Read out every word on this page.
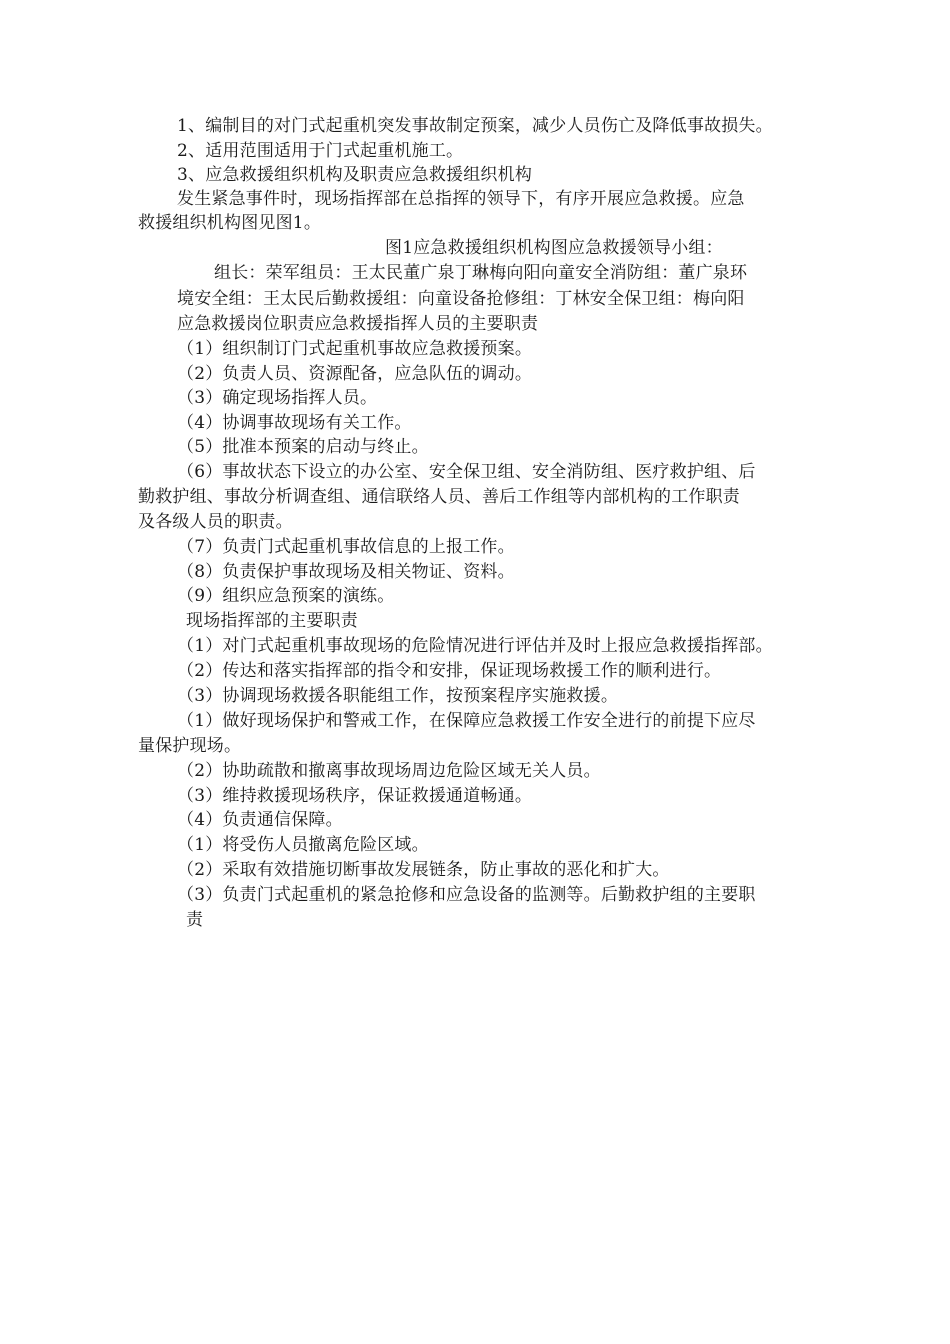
1、编制目的对门式起重机突发事故制定预案，减少人员伤亡及降低事故损失。
2、适用范围适用于门式起重机施工。
3、应急救援组织机构及职责应急救援组织机构
发生紧急事件时，现场指挥部在总指挥的领导下，有序开展应急救援。应急
救援组织机构图见图1。
图1应急救援组织机构图应急救援领导小组：
组长：荣军组员：王太民董广泉丁琳梅向阳向童安全消防组：董广泉环
境安全组：王太民后勤救援组：向童设备抢修组：丁林安全保卫组：梅向阳
应急救援岗位职责应急救援指挥人员的主要职责
（1）组织制订门式起重机事故应急救援预案。
（2）负责人员、资源配备，应急队伍的调动。
（3）确定现场指挥人员。
（4）协调事故现场有关工作。
（5）批准本预案的启动与终止。
（6）事故状态下设立的办公室、安全保卫组、安全消防组、医疗救护组、后
勤救护组、事故分析调查组、通信联络人员、善后工作组等内部机构的工作职责
及各级人员的职责。
（7）负责门式起重机事故信息的上报工作。
（8）负责保护事故现场及相关物证、资料。
（9）组织应急预案的演练。
现场指挥部的主要职责
（1）对门式起重机事故现场的危险情况进行评估并及时上报应急救援指挥部。
（2）传达和落实指挥部的指令和安排，保证现场救援工作的顺利进行。
（3）协调现场救援各职能组工作，按预案程序实施救援。
（1）做好现场保护和警戒工作，在保障应急救援工作安全进行的前提下应尽
量保护现场。
（2）协助疏散和撤离事故现场周边危险区域无关人员。
（3）维持救援现场秩序，保证救援通道畅通。
（4）负责通信保障。
（1）将受伤人员撤离危险区域。
（2）采取有效措施切断事故发展链条，防止事故的恶化和扩大。
（3）负责门式起重机的紧急抢修和应急设备的监测等。后勤救护组的主要职
责
